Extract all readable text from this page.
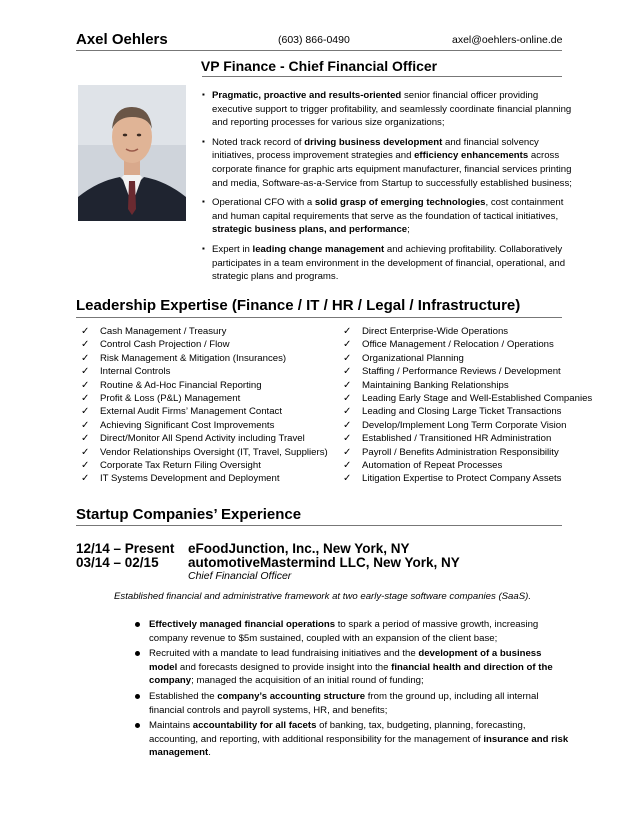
Axel Oehlers	(603) 866-0490	axel@oehlers-online.de
VP Finance - Chief Financial Officer
▪ Pragmatic, proactive and results-oriented senior financial officer providing executive support to trigger profitability, and seamlessly coordinate financial planning and reporting processes for various size organizations;
▪ Noted track record of driving business development and financial solvency initiatives, process improvement strategies and efficiency enhancements across corporate finance for graphic arts equipment manufacturer, financial services printing and media, Software-as-a-Service from Startup to successfully established business;
▪ Operational CFO with a solid grasp of emerging technologies, cost containment and human capital requirements that serve as the foundation of tactical initiatives, strategic business plans, and performance;
▪ Expert in leading change management and achieving profitability. Collaboratively participates in a team environment in the development of financial, operational, and strategic plans and programs.
Leadership Expertise (Finance / IT / HR / Legal / Infrastructure)
✓ Cash Management / Treasury
✓ Control Cash Projection / Flow
✓ Risk Management & Mitigation (Insurances)
✓ Internal Controls
✓ Routine & Ad-Hoc Financial Reporting
✓ Profit & Loss (P&L) Management
✓ External Audit Firms’ Management Contact
✓ Achieving Significant Cost Improvements
✓ Direct/Monitor All Spend Activity including Travel
✓ Vendor Relationships Oversight (IT, Travel, Suppliers)
✓ Corporate Tax Return Filing Oversight
✓ IT Systems Development and Deployment
✓ Direct Enterprise-Wide Operations
✓ Office Management / Relocation / Operations
✓ Organizational Planning
✓ Staffing / Performance Reviews / Development
✓ Maintaining Banking Relationships
✓ Leading Early Stage and Well-Established Companies
✓ Leading and Closing Large Ticket Transactions
✓ Develop/Implement Long Term Corporate Vision
✓ Established / Transitioned HR Administration
✓ Payroll / Benefits Administration Responsibility
✓ Automation of Repeat Processes
✓ Litigation Expertise to Protect Company Assets
Startup Companies’ Experience
12/14 – Present eFoodJunction, Inc., New York, NY
03/14 – 02/15 automotiveMastermind LLC, New York, NY
Chief Financial Officer
Established financial and administrative framework at two early-stage software companies (SaaS).
Effectively managed financial operations to spark a period of massive growth, increasing company revenue to $5m sustained, coupled with an expansion of the client base;
Recruited with a mandate to lead fundraising initiatives and the development of a business model and forecasts designed to provide insight into the financial health and direction of the company; managed the acquisition of an initial round of funding;
Established the company’s accounting structure from the ground up, including all internal financial controls and payroll systems, HR, and benefits;
Maintains accountability for all facets of banking, tax, budgeting, planning, forecasting, accounting, and reporting, with additional responsibility for the management of insurance and risk management.
